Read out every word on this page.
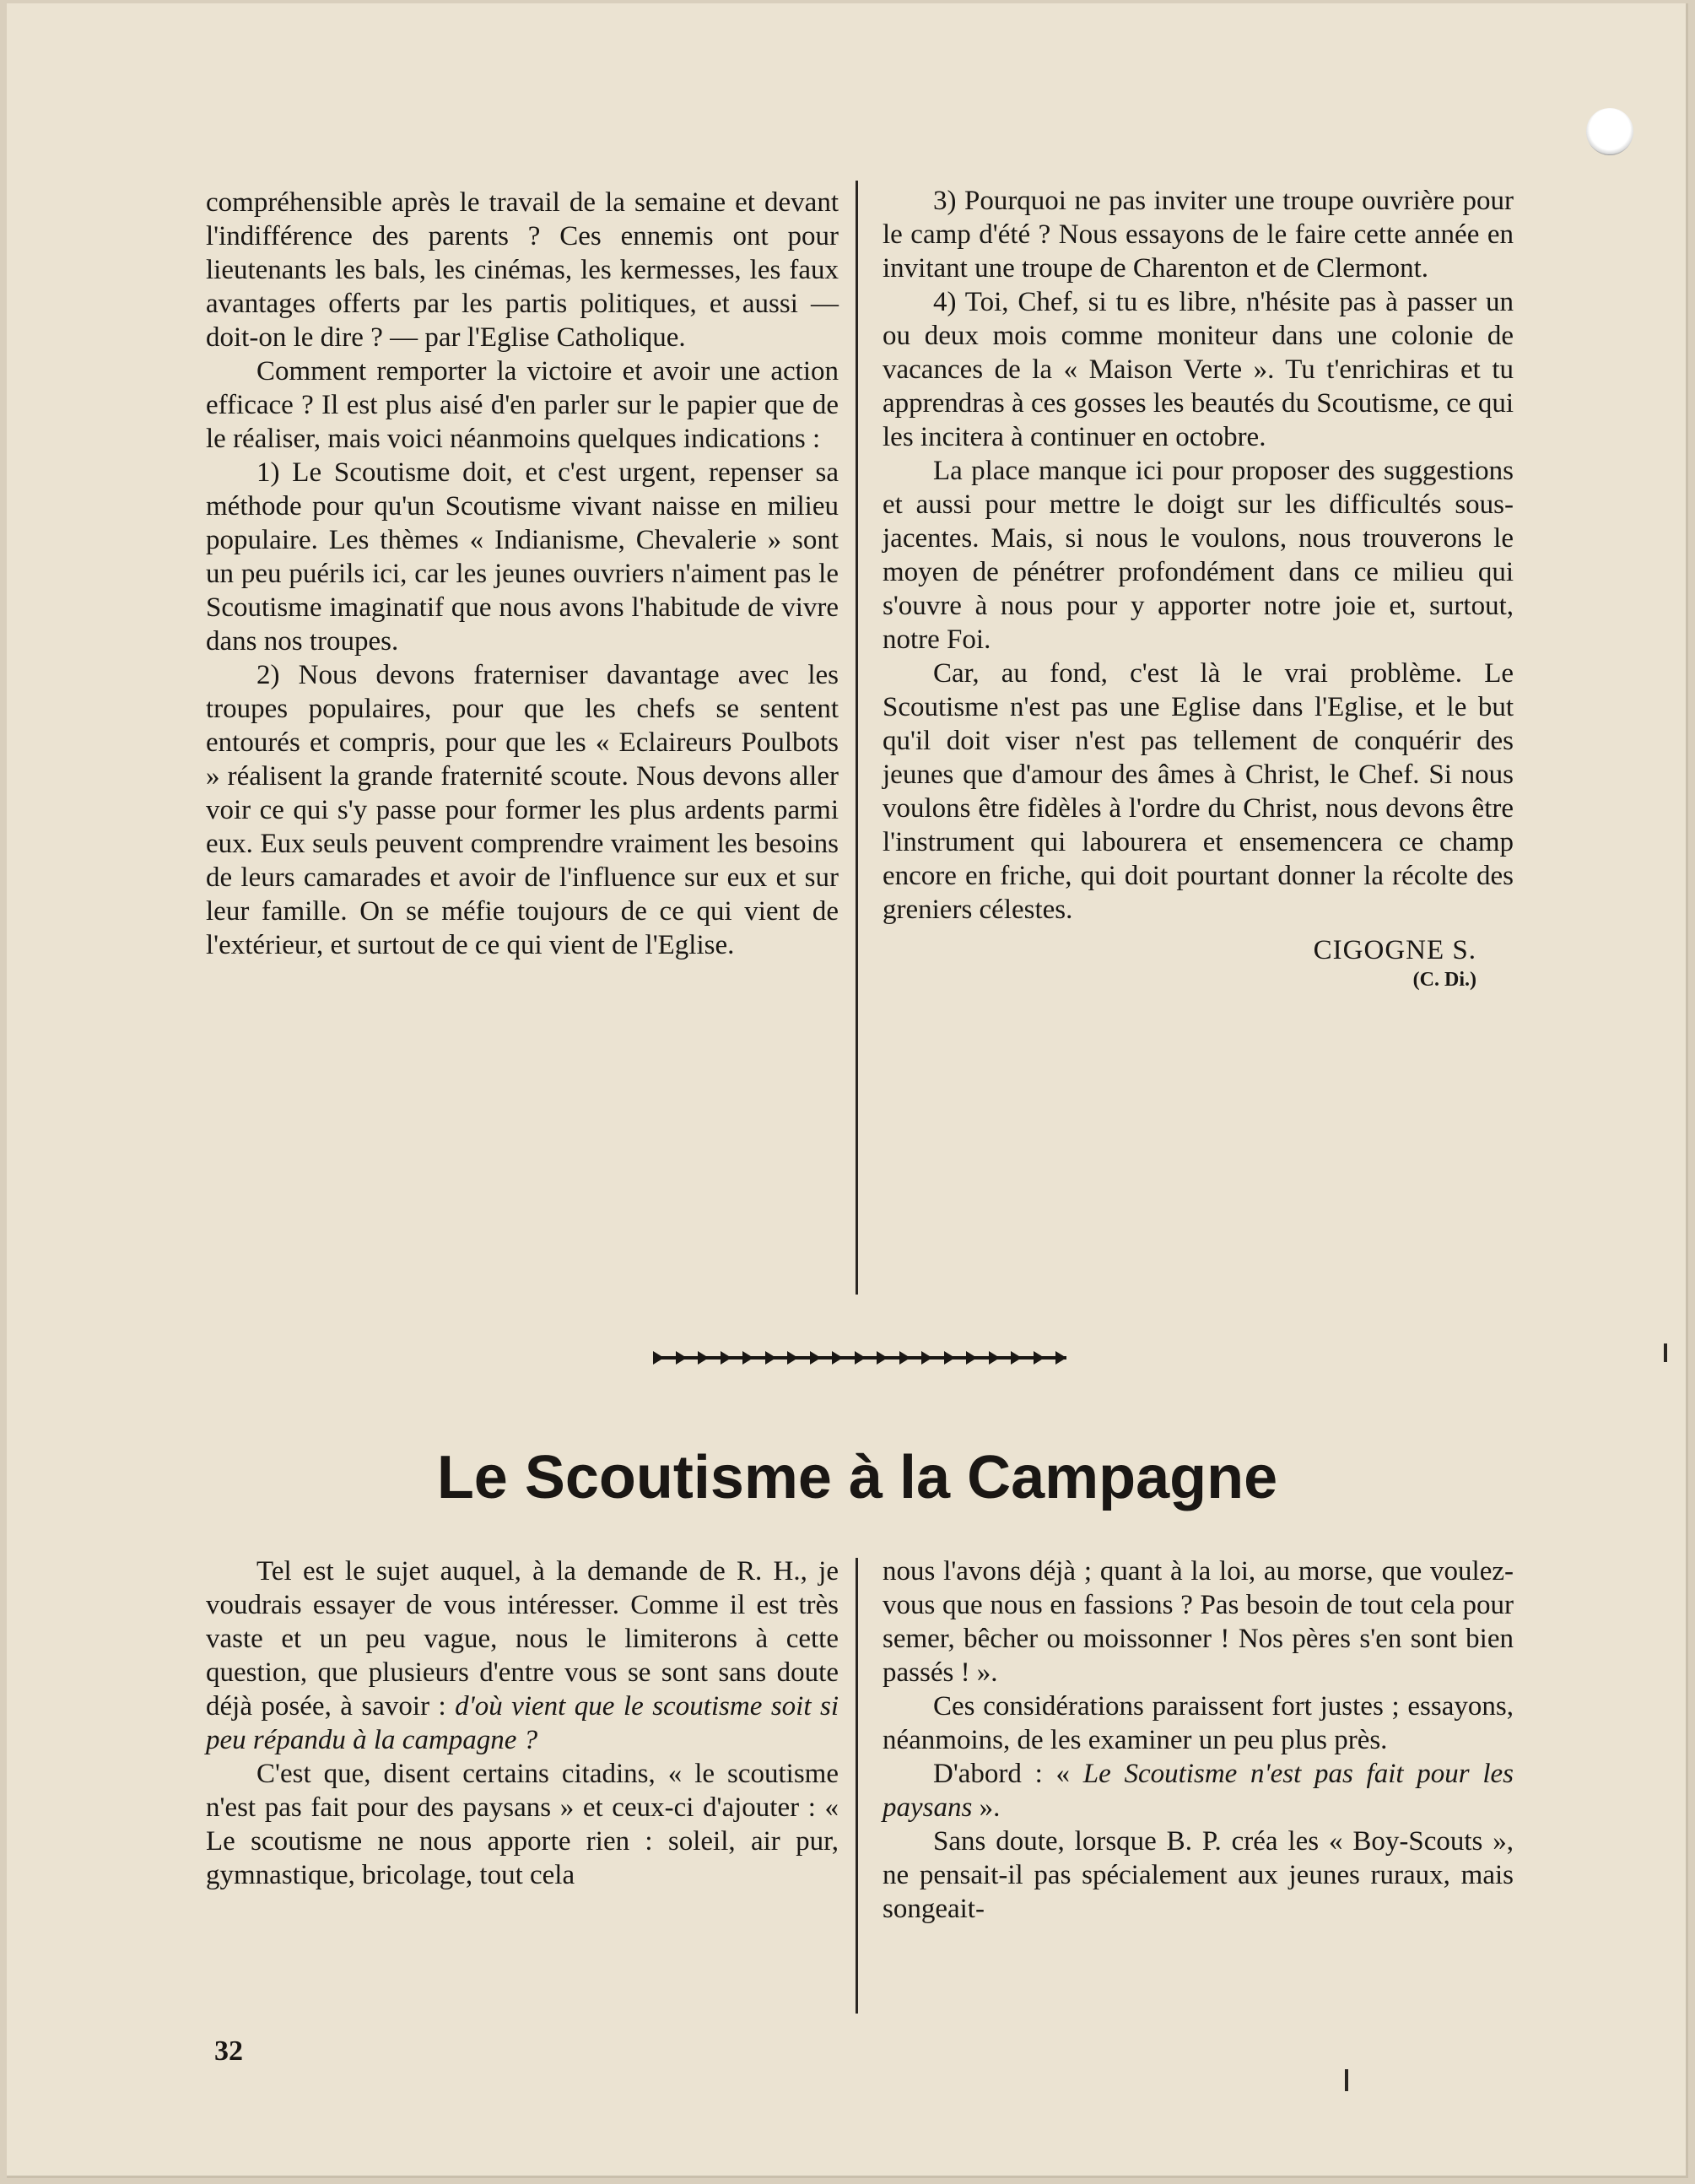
compréhensible après le travail de la semaine et devant l'indifférence des parents ? Ces ennemis ont pour lieutenants les bals, les cinémas, les kermesses, les faux avantages offerts par les partis politiques, et aussi — doit-on le dire ? — par l'Eglise Catholique.

Comment remporter la victoire et avoir une action efficace ? Il est plus aisé d'en parler sur le papier que de le réaliser, mais voici néanmoins quelques indications :

1) Le Scoutisme doit, et c'est urgent, repenser sa méthode pour qu'un Scoutisme vivant naisse en milieu populaire. Les thèmes « Indianisme, Chevalerie » sont un peu puérils ici, car les jeunes ouvriers n'aiment pas le Scoutisme imaginatif que nous avons l'habitude de vivre dans nos troupes.

2) Nous devons fraterniser davantage avec les troupes populaires, pour que les chefs se sentent entourés et compris, pour que les « Eclaireurs Poulbots » réalisent la grande fraternité scoute. Nous devons aller voir ce qui s'y passe pour former les plus ardents parmi eux. Eux seuls peuvent comprendre vraiment les besoins de leurs camarades et avoir de l'influence sur eux et sur leur famille. On se méfie toujours de ce qui vient de l'extérieur, et surtout de ce qui vient de l'Eglise.

3) Pourquoi ne pas inviter une troupe ouvrière pour le camp d'été ? Nous essayons de le faire cette année en invitant une troupe de Charenton et de Clermont.

4) Toi, Chef, si tu es libre, n'hésite pas à passer un ou deux mois comme moniteur dans une colonie de vacances de la « Maison Verte ». Tu t'enrichiras et tu apprendras à ces gosses les beautés du Scoutisme, ce qui les incitera à continuer en octobre.

La place manque ici pour proposer des suggestions et aussi pour mettre le doigt sur les difficultés sous-jacentes. Mais, si nous le voulons, nous trouverons le moyen de pénétrer profondément dans ce milieu qui s'ouvre à nous pour y apporter notre joie et, surtout, notre Foi.

Car, au fond, c'est là le vrai problème. Le Scoutisme n'est pas une Eglise dans l'Eglise, et le but qu'il doit viser n'est pas tellement de conquérir des jeunes que d'amour des âmes à Christ, le Chef. Si nous voulons être fidèles à l'ordre du Christ, nous devons être l'instrument qui labourera et ensemencera ce champ encore en friche, qui doit pourtant donner la récolte des greniers célestes.

CIGOGNE S.
(C. Di.)
Le Scoutisme à la Campagne

Tel est le sujet auquel, à la demande de R. H., je voudrais essayer de vous intéresser. Comme il est très vaste et un peu vague, nous le limiterons à cette question, que plusieurs d'entre vous se sont sans doute déjà posée, à savoir : d'où vient que le scoutisme soit si peu répandu à la campagne ?

C'est que, disent certains citadins, « le scoutisme n'est pas fait pour des paysans » et ceux-ci d'ajouter : « Le scoutisme ne nous apporte rien : soleil, air pur, gymnastique, bricolage, tout cela

nous l'avons déjà ; quant à la loi, au morse, que voulez-vous que nous en fassions ? Pas besoin de tout cela pour semer, bêcher ou moissonner ! Nos pères s'en sont bien passés ! ».

Ces considérations paraissent fort justes ; essayons, néanmoins, de les examiner un peu plus près.

D'abord : « Le Scoutisme n'est pas fait pour les paysans ».

Sans doute, lorsque B. P. créa les « Boy-Scouts », ne pensait-il pas spécialement aux jeunes ruraux, mais songeait-

32
